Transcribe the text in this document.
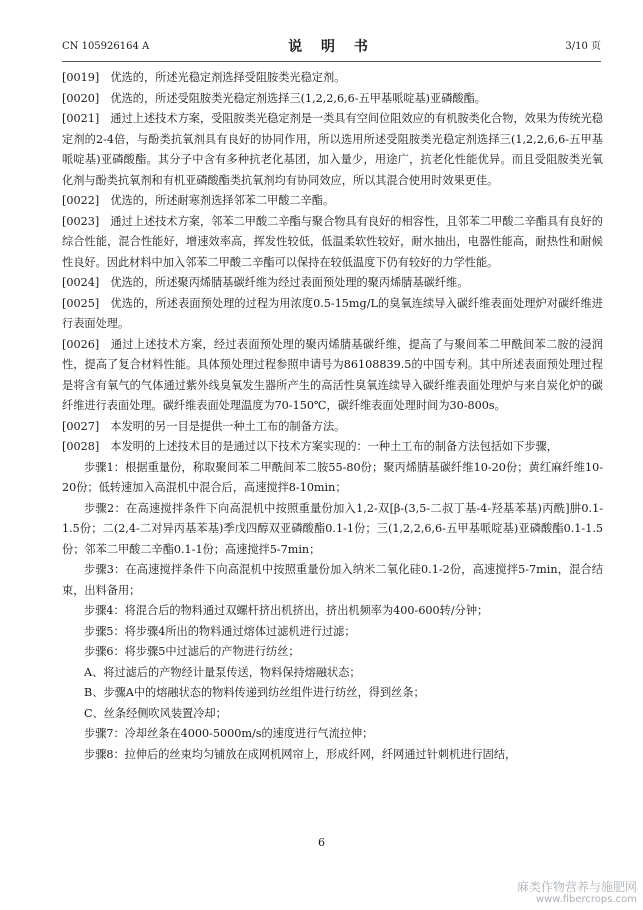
CN 105926164 A	说 明 书	3/10 页

[0019]　 优选的，所述光稳定剂选择受阻胺类光稳定剂。

[0020]　 优选的，所述受阻胺类光稳定剂选择三(1,2,2,6,6-五甲基哌啶基)亚磷酸酯。

[0021]　 通过上述技术方案，受阻胺类光稳定剂是一类具有空间位阻效应的有机胺类化合物，效果为传统光稳定剂的2-4倍，与酚类抗氧剂具有良好的协同作用，所以选用所述受阻胺类光稳定剂选择三(1,2,2,6,6-五甲基哌啶基)亚磷酸酯。其分子中含有多种抗老化基团，加入量少，用途广，抗老化性能优异。而且受阻胺类光氧化剂与酚类抗氧剂和有机亚磷酸酯类抗氧剂均有协同效应，所以其混合使用时效果更佳。

[0022]　 优选的，所述耐寒剂选择邻苯二甲酸二辛酯。

[0023]　 通过上述技术方案，邻苯二甲酸二辛酯与聚合物具有良好的相容性，且邻苯二甲酸二辛酯具有良好的综合性能，混合性能好，增速效率高，挥发性较低，低温柔软性较好，耐水抽出，电器性能高，耐热性和耐候性良好。因此材料中加入邻苯二甲酸二辛酯可以保持在较低温度下仍有较好的力学性能。

[0024]　 优选的，所述聚丙烯腈基碳纤维为经过表面预处理的聚丙烯腈基碳纤维。

[0025]　 优选的，所述表面预处理的过程为用浓度0.5-15mg/L的臭氧连续导入碳纤维表面处理炉对碳纤维进行表面处理。

[0026]　 通过上述技术方案，经过表面预处理的聚丙烯腈基碳纤维，提高了与聚间苯二甲酰间苯二胺的浸润性，提高了复合材料性能。具体预处理过程参照申请号为86108839.5的中国专利。其中所述表面预处理过程是将含有氧气的气体通过紫外线臭氧发生器所产生的高活性臭氧连续导入碳纤维表面处理炉与来自炭化炉的碳纤维进行表面处理。碳纤维表面处理温度为70-150℃，碳纤维表面处理时间为30-800s。

[0027]　 本发明的另一目是提供一种土工布的制备方法。

[0028]　 本发明的上述技术目的是通过以下技术方案实现的：一种土工布的制备方法包括如下步骤，

步骤1：根据重量份，称取聚间苯二甲酰间苯二胺55-80份；聚丙烯腈基碳纤维10-20份；黄红麻纤维10-20份；低转速加入高混机中混合后，高速搅拌8-10min；

步骤2：在高速搅拌条件下向高混机中按照重量份加入1,2-双[β-(3,5-二叔丁基-4-羟基苯基)丙酰]肼0.1-1.5份；二(2,4-二对异丙基苯基)季戊四醇双亚磷酸酯0.1-1份；三(1,2,2,6,6-五甲基哌啶基)亚磷酸酯0.1-1.5份；邻苯二甲酸二辛酯0.1-1份；高速搅拌5-7min；

步骤3：在高速搅拌条件下向高混机中按照重量份加入纳米二氧化硅0.1-2份，高速搅拌5-7min，混合结束，出料备用；

步骤4：将混合后的物料通过双螺杆挤出机挤出，挤出机频率为400-600转/分钟；

步骤5：将步骤4所出的物料通过熔体过滤机进行过滤；

步骤6：将步骤5中过滤后的产物进行纺丝；

A、将过滤后的产物经计量泵传送，物料保持熔融状态；

B、步骤A中的熔融状态的物料传递到纺丝组件进行纺丝，得到丝条；

C、丝条经侧吹风装置冷却；

步骤7：冷却丝条在4000-5000m/s的速度进行气流拉伸；

步骤8：拉伸后的丝束均匀铺放在成网机网帘上，形成纤网，纤网通过针刺机进行固结，

6
麻类作物营养与施肥网
www.fibercrops.com
